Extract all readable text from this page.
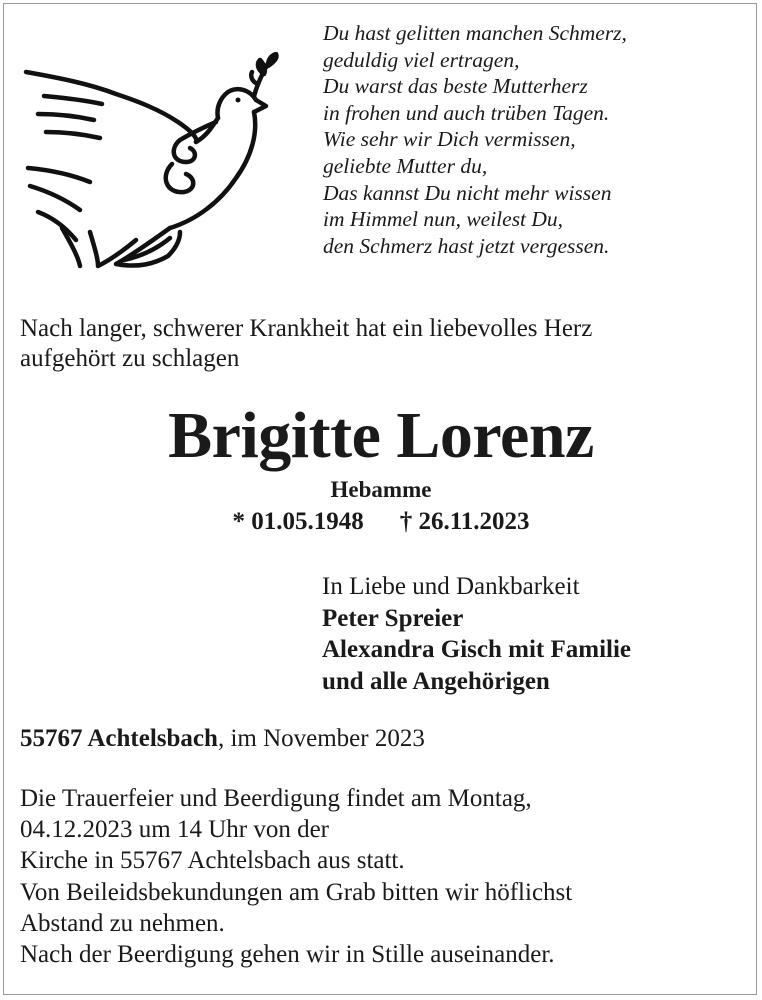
Du hast gelitten manchen Schmerz,
geduldig viel ertragen,
Du warst das beste Mutterherz
in frohen und auch trüben Tagen.
Wie sehr wir Dich vermissen,
geliebte Mutter du,
Das kannst Du nicht mehr wissen
im Himmel nun, weilest Du,
den Schmerz hast jetzt vergessen.
Nach langer, schwerer Krankheit hat ein liebevolles Herz
aufgehört zu schlagen
Brigitte Lorenz
Hebamme
* 01.05.1948 † 26.11.2023
In Liebe und Dankbarkeit
Peter Spreier
Alexandra Gisch mit Familie
und alle Angehörigen
55767 Achtelsbach, im November 2023
Die Trauerfeier und Beerdigung findet am Montag,
04.12.2023 um 14 Uhr von der
Kirche in 55767 Achtelsbach aus statt.
Von Beileidsbekundungen am Grab bitten wir höflichst
Abstand zu nehmen.
Nach der Beerdigung gehen wir in Stille auseinander.
